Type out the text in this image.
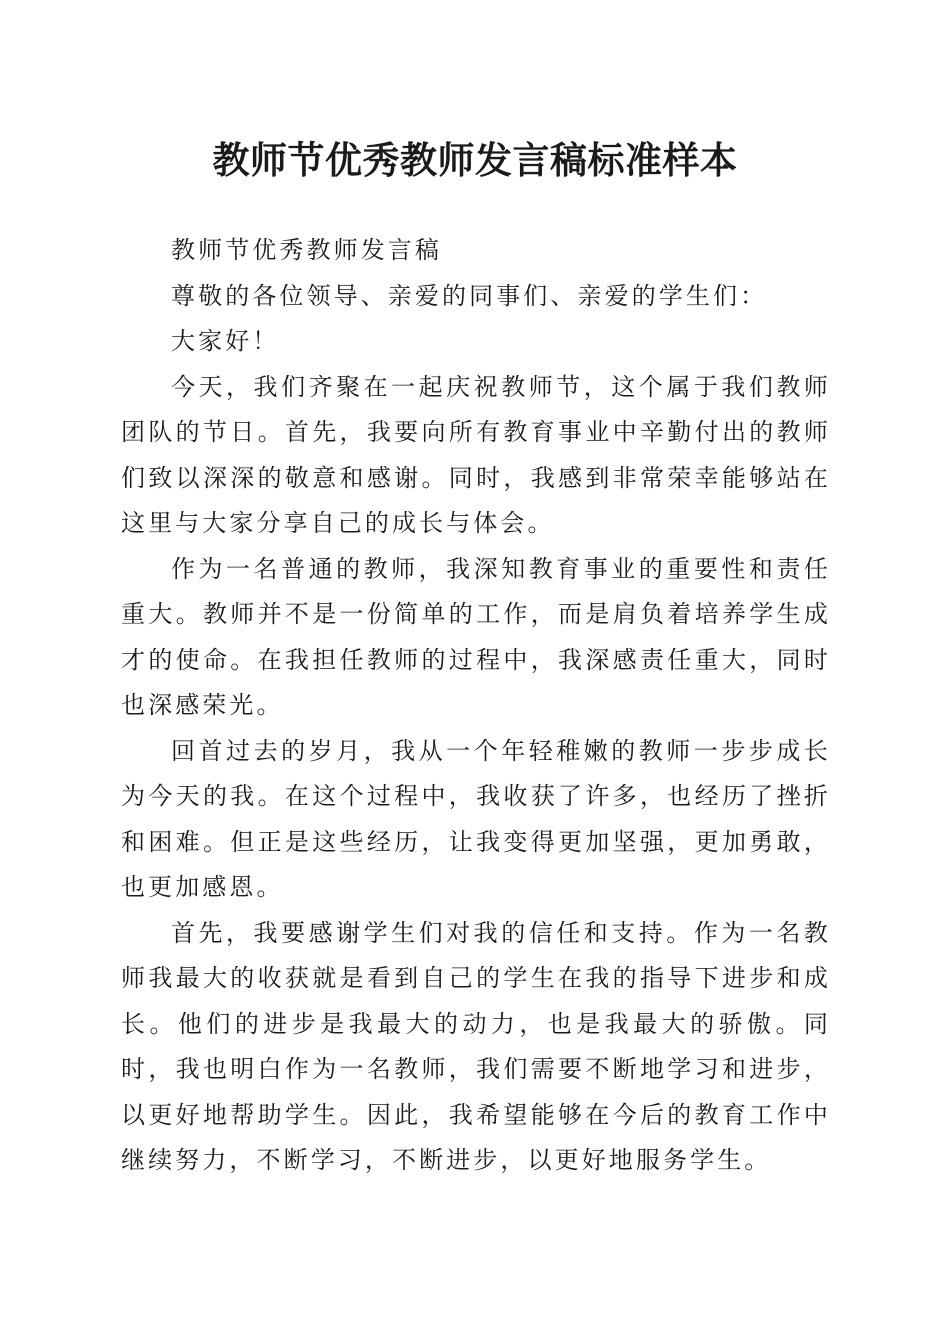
教师节优秀教师发言稿标准样本

教师节优秀教师发言稿

尊敬的各位领导、亲爱的同事们、亲爱的学生们：

大家好！

今天，我们齐聚在一起庆祝教师节，这个属于我们教师团队的节日。首先，我要向所有教育事业中辛勤付出的教师们致以深深的敬意和感谢。同时，我感到非常荣幸能够站在这里与大家分享自己的成长与体会。

作为一名普通的教师，我深知教育事业的重要性和责任重大。教师并不是一份简单的工作，而是肩负着培养学生成才的使命。在我担任教师的过程中，我深感责任重大，同时也深感荣光。

回首过去的岁月，我从一个年轻稚嫩的教师一步步成长为今天的我。在这个过程中，我收获了许多，也经历了挫折和困难。但正是这些经历，让我变得更加坚强，更加勇敢，也更加感恩。

首先，我要感谢学生们对我的信任和支持。作为一名教师我最大的收获就是看到自己的学生在我的指导下进步和成长。他们的进步是我最大的动力，也是我最大的骄傲。同时，我也明白作为一名教师，我们需要不断地学习和进步，以更好地帮助学生。因此，我希望能够在今后的教育工作中继续努力，不断学习，不断进步，以更好地服务学生。
